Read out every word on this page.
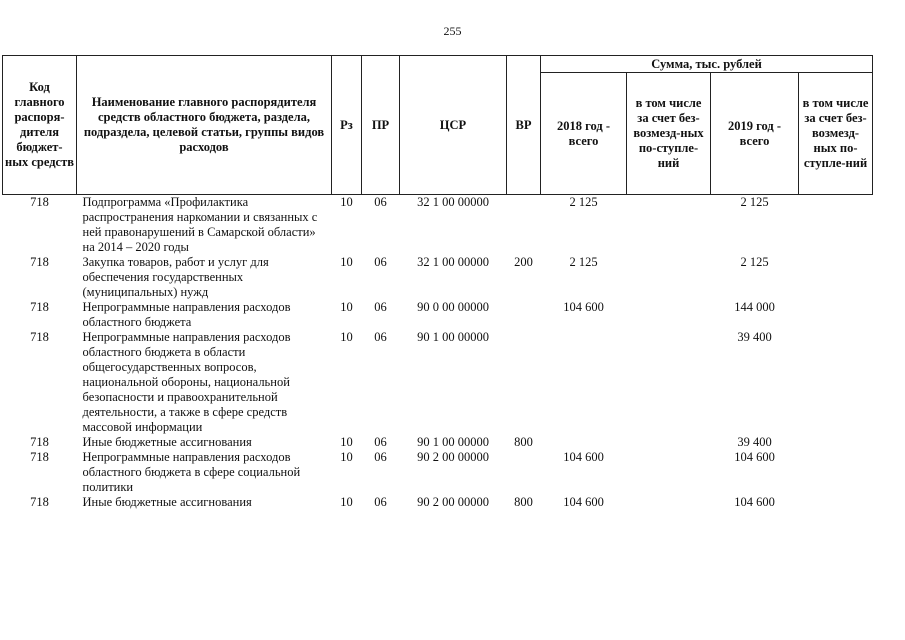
255
Код главного распоря-дителя бюджет-ных средств	Наименование главного распорядителя средств областного бюджета, раздела, подраздела, целевой статьи, группы видов расходов	Рз	ПР	ЦСР	ВР	Сумма, тыс. рублей			
						2018 год - всего	в том числе за счет без-возмезд-ных по-ступле-ний	2019 год - всего	в том числе за счет без-возмезд-ных по-ступле-ний
718	Подпрограмма «Профилактика распространения наркомании и связанных с ней правонарушений в Самарской области» на 2014 – 2020 годы	10	06	32 1 00 00000		2 125		2 125	
718	Закупка товаров, работ и услуг для обеспечения государственных (муниципальных) нужд	10	06	32 1 00 00000	200	2 125		2 125	
718	Непрограммные направления расходов областного бюджета	10	06	90 0 00 00000		104 600		144 000	
718	Непрограммные направления расходов областного бюджета в области общегосударственных вопросов, национальной обороны, национальной безопасности и правоохранительной деятельности, а также в сфере средств массовой информации	10	06	90 1 00 00000				39 400	
718	Иные бюджетные ассигнования	10	06	90 1 00 00000	800			39 400	
718	Непрограммные направления расходов областного бюджета в сфере социальной политики	10	06	90 2 00 00000		104 600		104 600	
718	Иные бюджетные ассигнования	10	06	90 2 00 00000	800	104 600		104 600	
